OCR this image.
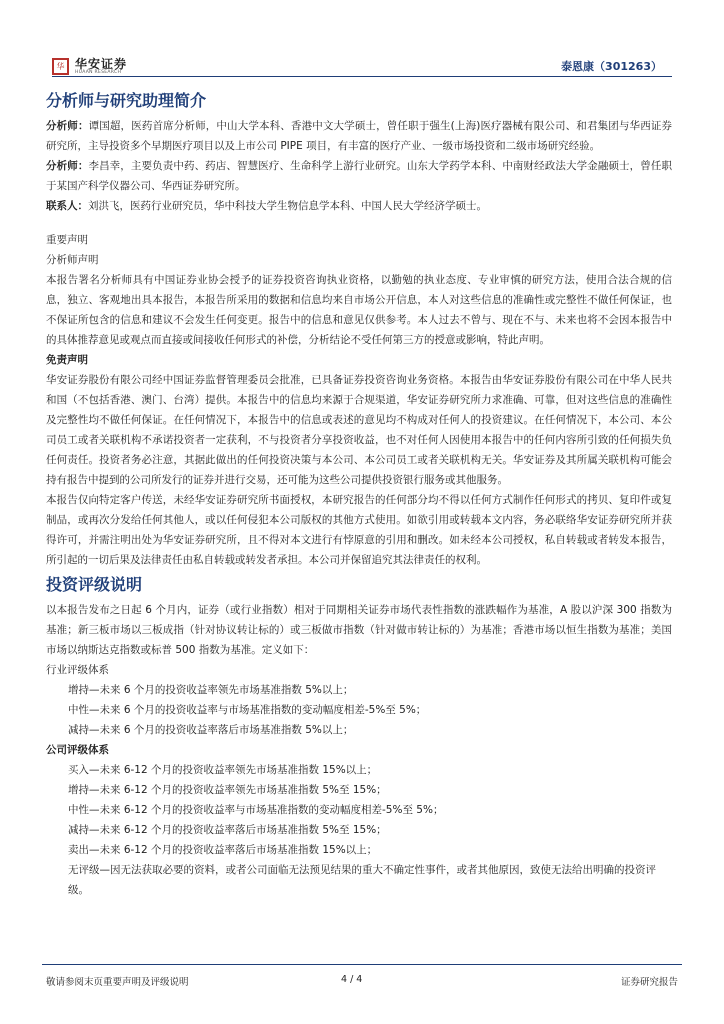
华 华安证券
HUAAN RESEARCH	泰恩康（301263）
分析师与研究助理简介

分析师：谭国超，医药首席分析师，中山大学本科、香港中文大学硕士，曾任职于强生(上海)医疗器械有限公司、和君集团与华西证券研究所，主导投资多个早期医疗项目以及上市公司 PIPE 项目，有丰富的医疗产业、一级市场投资和二级市场研究经验。

分析师：李昌幸，主要负责中药、药店、智慧医疗、生命科学上游行业研究。山东大学药学本科、中南财经政法大学金融硕士，曾任职于某国产科学仪器公司、华西证券研究所。

联系人：刘洪飞，医药行业研究员，华中科技大学生物信息学本科、中国人民大学经济学硕士。

重要声明

分析师声明

本报告署名分析师具有中国证券业协会授予的证券投资咨询执业资格，以勤勉的执业态度、专业审慎的研究方法，使用合法合规的信息，独立、客观地出具本报告，本报告所采用的数据和信息均来自市场公开信息，本人对这些信息的准确性或完整性不做任何保证，也不保证所包含的信息和建议不会发生任何变更。报告中的信息和意见仅供参考。本人过去不曾与、现在不与、未来也将不会因本报告中的具体推荐意见或观点而直接或间接收任何形式的补偿，分析结论不受任何第三方的授意或影响，特此声明。

免责声明

华安证券股份有限公司经中国证券监督管理委员会批准，已具备证券投资咨询业务资格。本报告由华安证券股份有限公司在中华人民共和国（不包括香港、澳门、台湾）提供。本报告中的信息均来源于合规渠道，华安证券研究所力求准确、可靠，但对这些信息的准确性及完整性均不做任何保证。在任何情况下，本报告中的信息或表述的意见均不构成对任何人的投资建议。在任何情况下，本公司、本公司员工或者关联机构不承诺投资者一定获利，不与投资者分享投资收益，也不对任何人因使用本报告中的任何内容所引致的任何损失负任何责任。投资者务必注意，其据此做出的任何投资决策与本公司、本公司员工或者关联机构无关。华安证券及其所属关联机构可能会持有报告中提到的公司所发行的证券并进行交易，还可能为这些公司提供投资银行服务或其他服务。

本报告仅向特定客户传送，未经华安证券研究所书面授权，本研究报告的任何部分均不得以任何方式制作任何形式的拷贝、复印件或复制品，或再次分发给任何其他人，或以任何侵犯本公司版权的其他方式使用。如欲引用或转载本文内容，务必联络华安证券研究所并获得许可，并需注明出处为华安证券研究所，且不得对本文进行有悖原意的引用和删改。如未经本公司授权，私自转载或者转发本报告，所引起的一切后果及法律责任由私自转载或转发者承担。本公司并保留追究其法律责任的权利。

投资评级说明

以本报告发布之日起 6 个月内，证券（或行业指数）相对于同期相关证券市场代表性指数的涨跌幅作为基准，A 股以沪深 300 指数为基准；新三板市场以三板成指（针对协议转让标的）或三板做市指数（针对做市转让标的）为基准；香港市场以恒生指数为基准；美国市场以纳斯达克指数或标普 500 指数为基准。定义如下：

行业评级体系

增持—未来 6 个月的投资收益率领先市场基准指数 5%以上；
中性—未来 6 个月的投资收益率与市场基准指数的变动幅度相差-5%至 5%；
减持—未来 6 个月的投资收益率落后市场基准指数 5%以上；

公司评级体系

买入—未来 6-12 个月的投资收益率领先市场基准指数 15%以上；
增持—未来 6-12 个月的投资收益率领先市场基准指数 5%至 15%；
中性—未来 6-12 个月的投资收益率与市场基准指数的变动幅度相差-5%至 5%；
减持—未来 6-12 个月的投资收益率落后市场基准指数 5%至 15%；
卖出—未来 6-12 个月的投资收益率落后市场基准指数 15%以上；
无评级—因无法获取必要的资料，或者公司面临无法预见结果的重大不确定性事件，或者其他原因，致使无法给出明确的投资评级。
敬请参阅末页重要声明及评级说明	4 / 4	证券研究报告
